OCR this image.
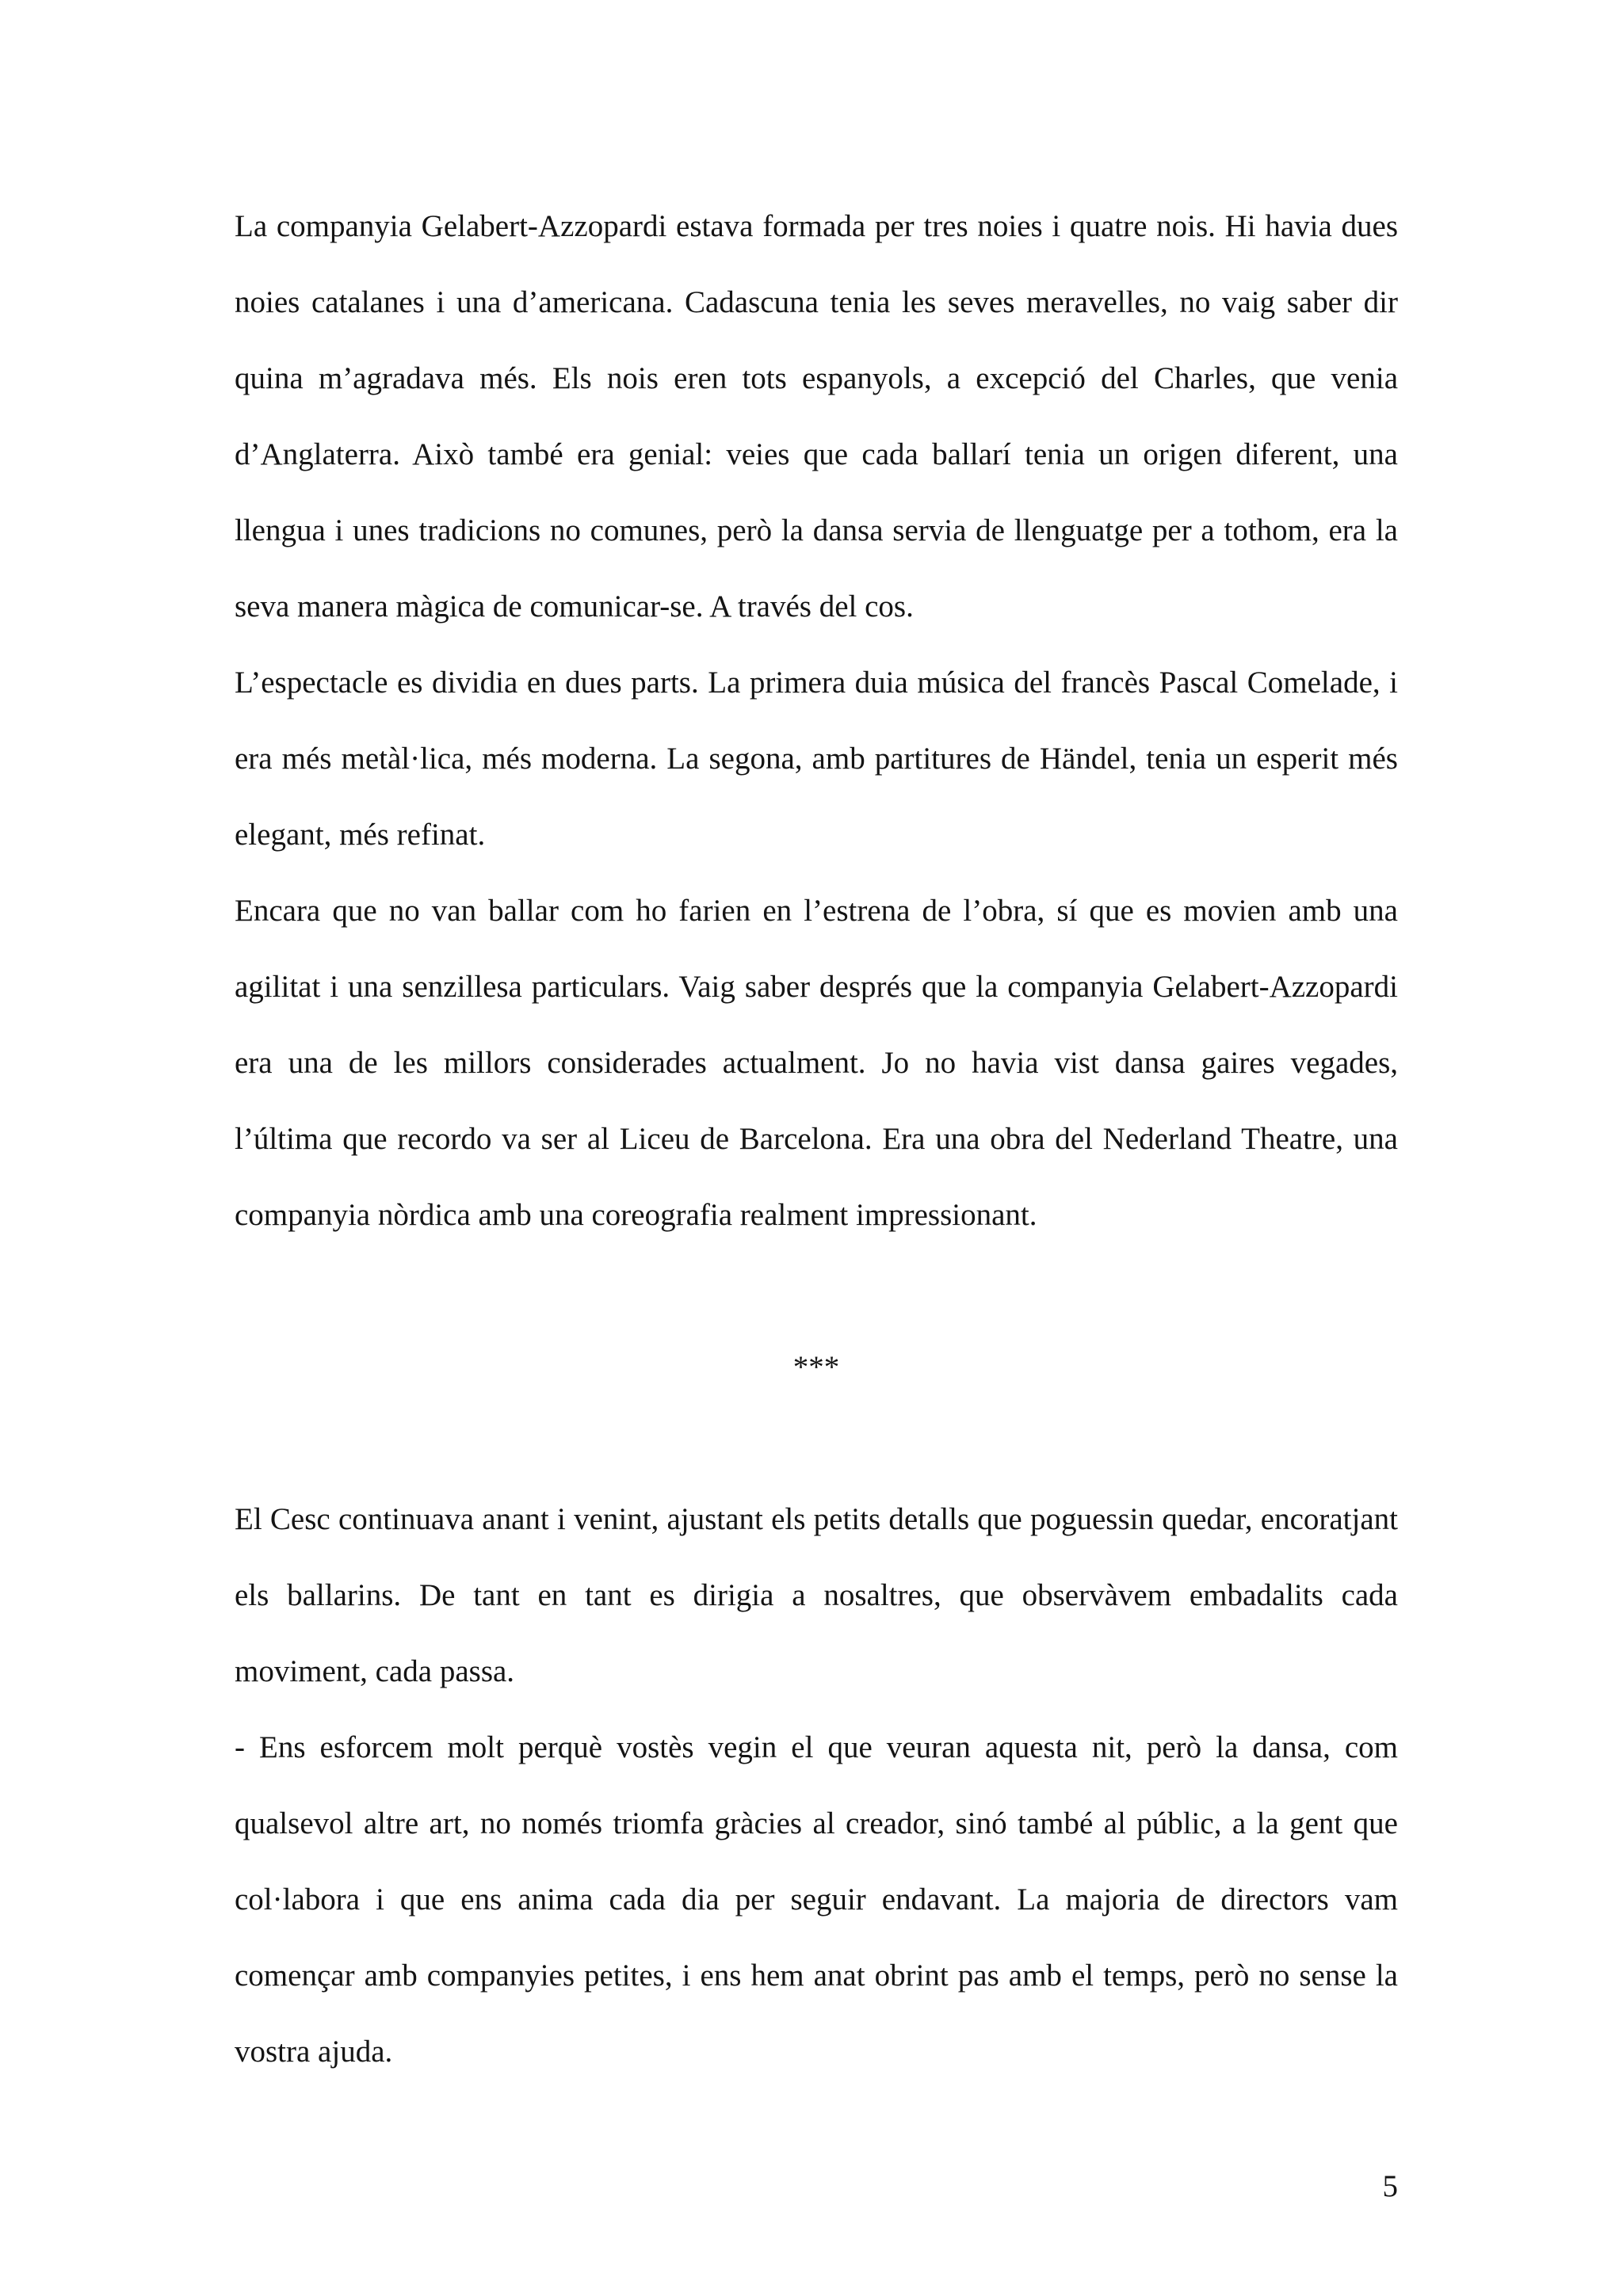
La companyia Gelabert-Azzopardi estava formada per tres noies i quatre nois. Hi havia dues noies catalanes i una d’americana. Cadascuna tenia les seves meravelles, no vaig saber dir quina m’agradava més. Els nois eren tots espanyols, a excepció del Charles, que venia d’Anglaterra. Això també era genial: veies que cada ballarí tenia un origen diferent, una llengua i unes tradicions no comunes, però la dansa servia de llenguatge per a tothom, era la seva manera màgica de comunicar-se. A través del cos.

L’espectacle es dividia en dues parts. La primera duia música del francès Pascal Comelade, i era més metàl·lica, més moderna. La segona, amb partitures de Händel, tenia un esperit més elegant, més refinat.

Encara que no van ballar com ho farien en l’estrena de l’obra, sí que es movien amb una agilitat i una senzillesa particulars. Vaig saber després que la companyia Gelabert-Azzopardi era una de les millors considerades actualment. Jo no havia vist dansa gaires vegades, l’última que recordo va ser al Liceu de Barcelona. Era una obra del Nederland Theatre, una companyia nòrdica amb una coreografia realment impressionant.

***

El Cesc continuava anant i venint, ajustant els petits detalls que poguessin quedar, encoratjant els ballarins. De tant en tant es dirigia a nosaltres, que observàvem embadalits cada moviment, cada passa.

- Ens esforcem molt perquè vostès vegin el que veuran aquesta nit, però la dansa, com qualsevol altre art, no només triomfa gràcies al creador, sinó també al públic, a la gent que col·labora i que ens anima cada dia per seguir endavant. La majoria de directors vam començar amb companyies petites, i ens hem anat obrint pas amb el temps, però no sense la vostra ajuda.

5
